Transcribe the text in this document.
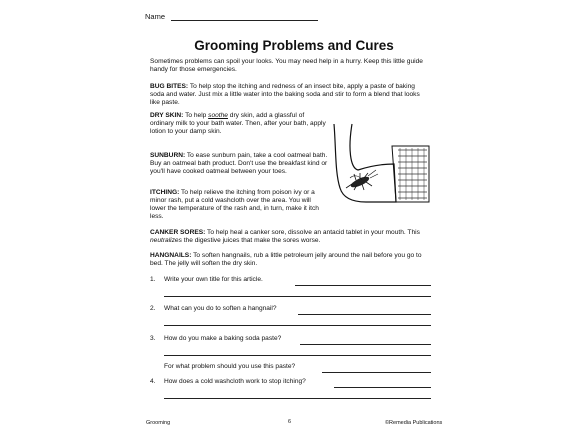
Name
Grooming Problems and Cures

Sometimes problems can spoil your looks. You may need help in a hurry. Keep this little guide handy for those emergencies.

BUG BITES: To help stop the itching and redness of an insect bite, apply a paste of baking soda and water. Just mix a little water into the baking soda and stir to form a blend that looks like paste.

DRY SKIN: To help soothe dry skin, add a glassful of ordinary milk to your bath water. Then, after your bath, apply lotion to your damp skin.

SUNBURN: To ease sunburn pain, take a cool oatmeal bath. Buy an oatmeal bath product. Don't use the breakfast kind or you'll have cooked oatmeal between your toes.

ITCHING: To help relieve the itching from poison ivy or a minor rash, put a cold washcloth over the area. You will lower the temperature of the rash and, in turn, make it itch less.

CANKER SORES: To help heal a canker sore, dissolve an antacid tablet in your mouth. This neutralizes the digestive juices that make the sores worse.

HANGNAILS: To soften hangnails, rub a little petroleum jelly around the nail before you go to bed. The jelly will soften the dry skin.

1.	Write your own title for this article.
2.	What can you do to soften a hangnail?
3.	How do you make a baking soda paste?
For what problem should you use this paste?
4.	How does a cold washcloth work to stop itching?
Grooming	6	©Remedia Publications
